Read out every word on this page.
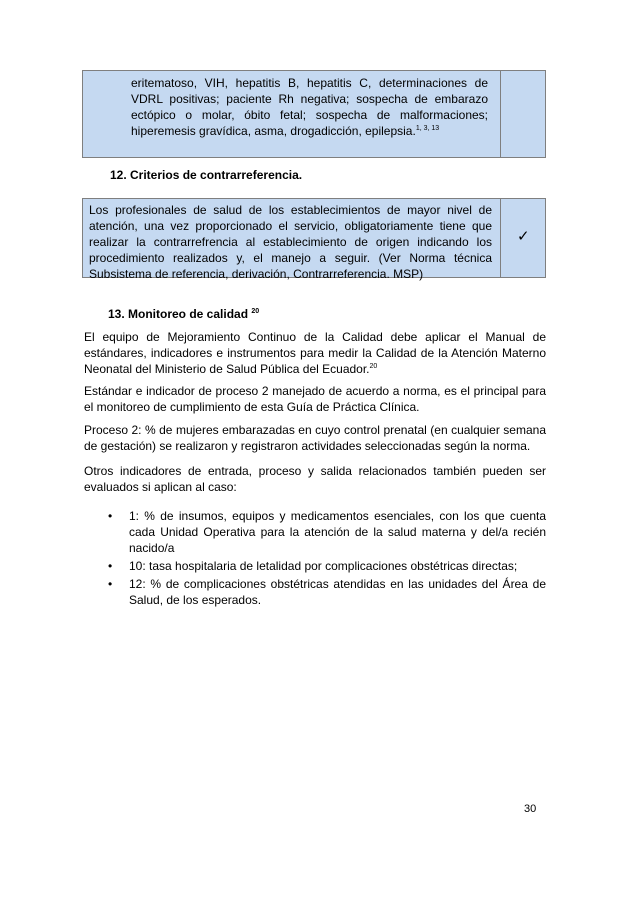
eritematoso, VIH, hepatitis B, hepatitis C, determinaciones de VDRL positivas; paciente Rh negativa; sospecha de embarazo ectópico o molar, óbito fetal; sospecha de malformaciones; hiperemesis gravídica, asma, drogadicción, epilepsia.$^{1, 3, 13}$
12. Criterios de contrarreferencia.
Los profesionales de salud de los establecimientos de mayor nivel de atención, una vez proporcionado el servicio, obligatoriamente tiene que realizar la contrarrefrencia al establecimiento de origen indicando los procedimiento realizados y, el manejo a seguir. (Ver Norma técnica Subsistema de referencia, derivación, Contrarreferencia. MSP)
✓
13. Monitoreo de calidad $^{20}$
El equipo de Mejoramiento Continuo de la Calidad debe aplicar el Manual de estándares, indicadores e instrumentos para medir la Calidad de la Atención Materno Neonatal del Ministerio de Salud Pública del Ecuador.$^{20}$
Estándar e indicador de proceso 2 manejado de acuerdo a norma, es el principal para el monitoreo de cumplimiento de esta Guía de Práctica Clínica.
Proceso 2: % de mujeres embarazadas en cuyo control prenatal (en cualquier semana de gestación) se realizaron y registraron actividades seleccionadas según la norma.
Otros indicadores de entrada, proceso y salida relacionados también pueden ser evaluados si aplican al caso:
• 1: % de insumos, equipos y medicamentos esenciales, con los que cuenta cada Unidad Operativa para la atención de la salud materna y del/a recién nacido/a
• 10: tasa hospitalaria de letalidad por complicaciones obstétricas directas;
• 12: % de complicaciones obstétricas atendidas en las unidades del Área de Salud, de los esperados.
30
